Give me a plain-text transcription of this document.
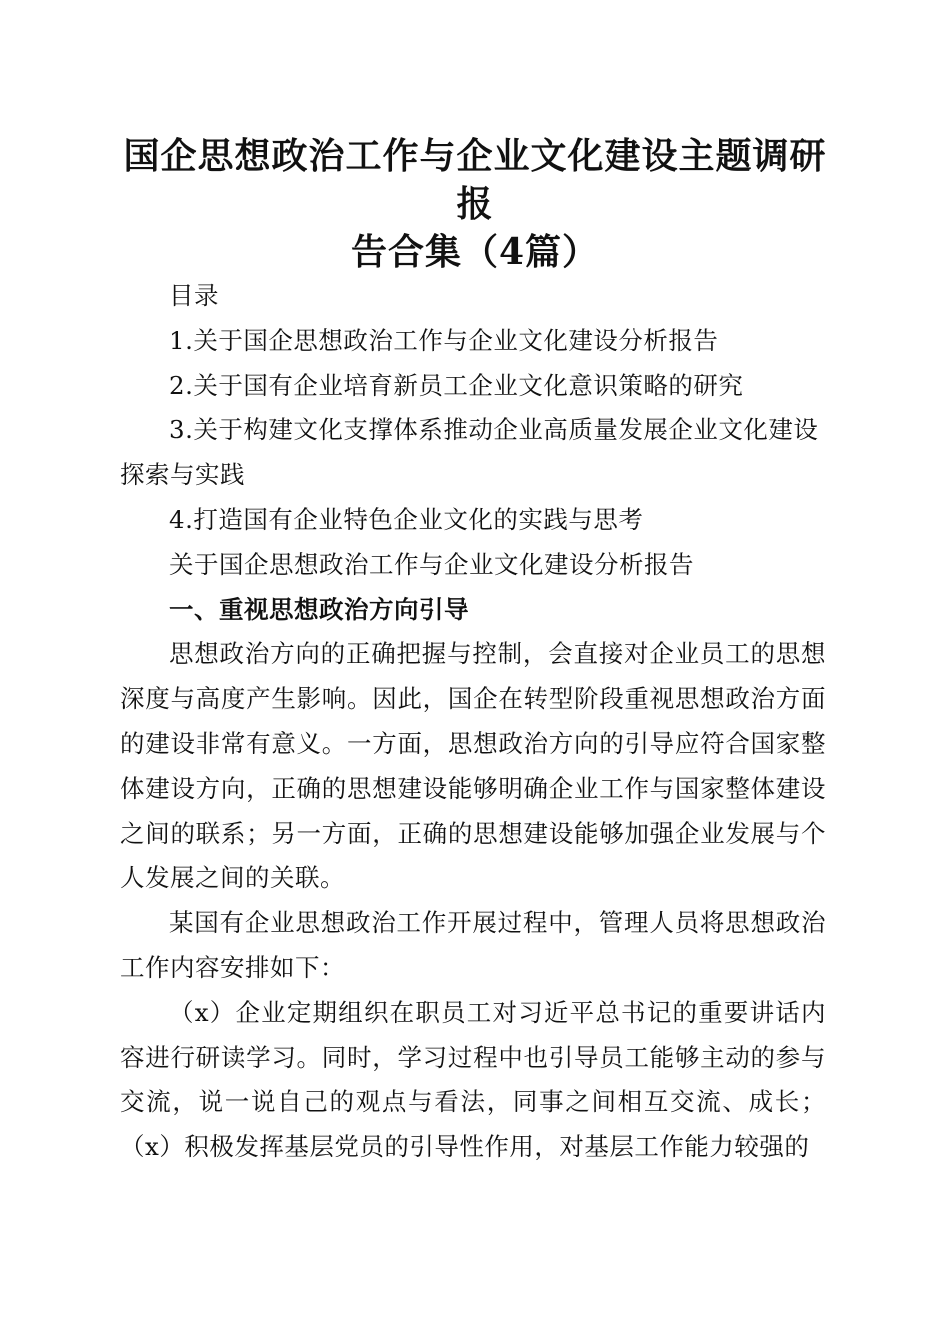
国企思想政治工作与企业文化建设主题调研报
告合集（4篇）

目录

1.关于国企思想政治工作与企业文化建设分析报告

2.关于国有企业培育新员工企业文化意识策略的研究

3.关于构建文化支撑体系推动企业高质量发展企业文化建设探索与实践

4.打造国有企业特色企业文化的实践与思考

关于国企思想政治工作与企业文化建设分析报告

一、重视思想政治方向引导

思想政治方向的正确把握与控制，会直接对企业员工的思想深度与高度产生影响。因此，国企在转型阶段重视思想政治方面的建设非常有意义。一方面，思想政治方向的引导应符合国家整体建设方向，正确的思想建设能够明确企业工作与国家整体建设之间的联系；另一方面，正确的思想建设能够加强企业发展与个人发展之间的关联。

某国有企业思想政治工作开展过程中，管理人员将思想政治工作内容安排如下：

（x）企业定期组织在职员工对习近平总书记的重要讲话内容进行研读学习。同时，学习过程中也引导员工能够主动的参与交流，说一说自己的观点与看法，同事之间相互交流、成长；（x）积极发挥基层党员的引导性作用，对基层工作能力较强的
